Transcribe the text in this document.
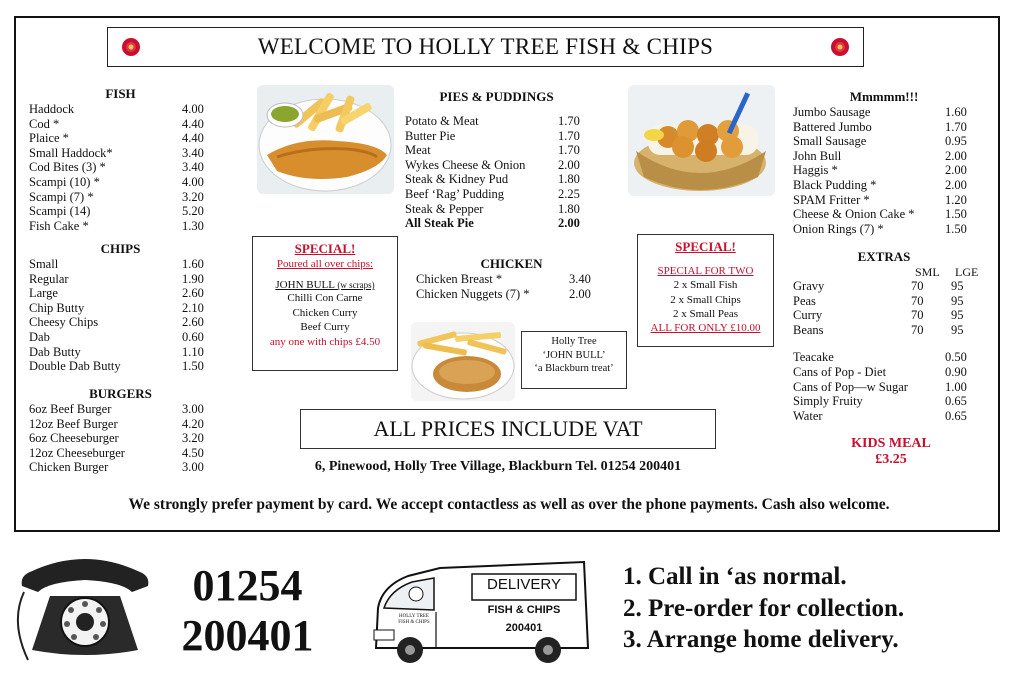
WELCOME TO HOLLY TREE FISH & CHIPS
FISH
Haddock	4.00
Cod *	4.40
Plaice *	4.40
Small Haddock*	3.40
Cod Bites (3) *	3.40
Scampi (10) *	4.00
Scampi (7) *	3.20
Scampi (14)	5.20
Fish Cake *	1.30
CHIPS
Small	1.60
Regular	1.90
Large	2.60
Chip Butty	2.10
Cheesy Chips	2.60
Dab	0.60
Dab Butty	1.10
Double Dab Butty	1.50
BURGERS
6oz Beef Burger	3.00
12oz Beef Burger	4.20
6oz Cheeseburger	3.20
12oz Cheeseburger	4.50
Chicken Burger	3.00
SPECIAL!
Poured all over chips:
JOHN BULL (w scraps)
Chilli Con Carne
Chicken Curry
Beef Curry
any one with chips £4.50
PIES & PUDDINGS
Potato & Meat	1.70
Butter Pie	1.70
Meat	1.70
Wykes Cheese & Onion	2.00
Steak & Kidney Pud	1.80
Beef ‘Rag’ Pudding	2.25
Steak & Pepper	1.80
All Steak Pie	2.00
CHICKEN
Chicken Breast *	3.40
Chicken Nuggets (7) *	2.00
Holly Tree
‘JOHN BULL’
‘a Blackburn treat’
SPECIAL!
SPECIAL FOR TWO
2 x Small Fish
2 x Small Chips
2 x Small Peas
ALL FOR ONLY £10.00
Mmmmm!!!
Jumbo Sausage	1.60
Battered Jumbo	1.70
Small Sausage	0.95
John Bull	2.00
Haggis *	2.00
Black Pudding *	2.00
SPAM Fritter *	1.20
Cheese & Onion Cake * 1.50
Onion Rings (7) *	1.50
EXTRAS
SML LGE
Gravy	70 95
Peas	70 95
Curry	70 95
Beans	70 95
Teacake	0.50
Cans of Pop - Diet	0.90
Cans of Pop—w Sugar	1.00
Simply Fruity	0.65
Water	0.65
KIDS MEAL
£3.25
ALL PRICES INCLUDE VAT
6, Pinewood, Holly Tree Village, Blackburn Tel. 01254 200401
We strongly prefer payment by card. We accept contactless as well as over the phone payments. Cash also welcome.
01254
200401
DELIVERY
FISH & CHIPS
200401
HOLLY TREE FISH & CHIPS
1. Call in ‘as normal.
2. Pre-order for collection.
3. Arrange home delivery.
